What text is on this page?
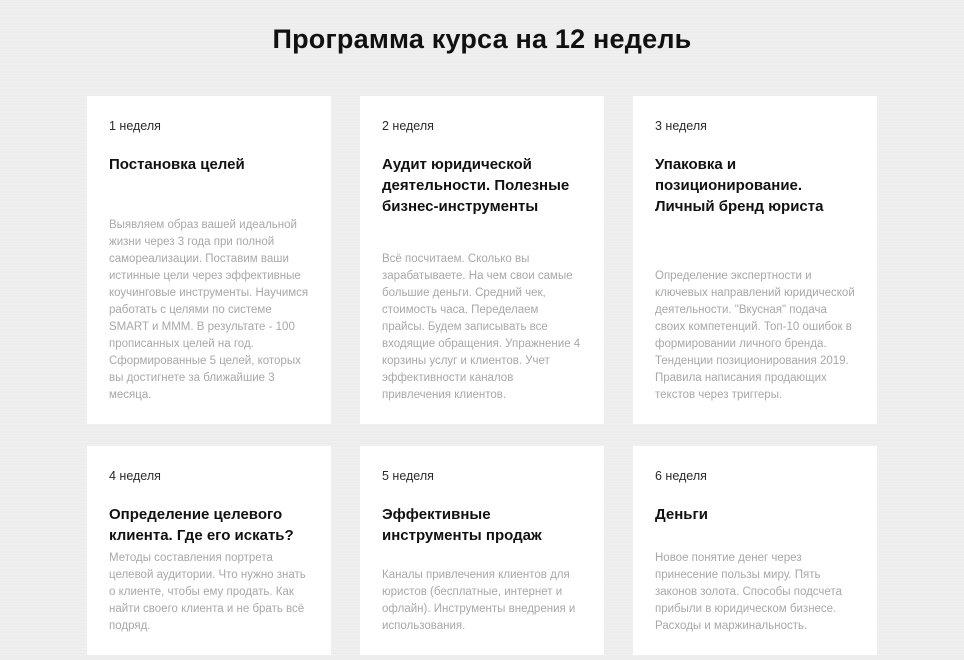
Программа курса на 12 недель
1 неделя
Постановка целей
Выявляем образ вашей идеальной жизни через 3 года при полной самореализации. Поставим ваши истинные цели через эффективные коучинговые инструменты. Научимся работать с целями по системе SMART и MMM. В результате - 100 прописанных целей на год. Сформированные 5 целей, которых вы достигнете за ближайшие 3 месяца.
2 неделя
Аудит юридической деятельности. Полезные бизнес-инструменты
Всё посчитаем. Сколько вы зарабатываете. На чем свои самые большие деньги. Средний чек, стоимость часа. Переделаем прайсы. Будем записывать все входящие обращения. Упражнение 4 корзины услуг и клиентов. Учет эффективности каналов привлечения клиентов.
3 неделя
Упаковка и позиционирование. Личный бренд юриста
Определение экспертности и ключевых направлений юридической деятельности. "Вкусная" подача своих компетенций. Топ-10 ошибок в формировании личного бренда. Тенденции позиционирования 2019. Правила написания продающих текстов через триггеры.
4 неделя
Определение целевого клиента. Где его искать?
Методы составления портрета целевой аудитории. Что нужно знать о клиенте, чтобы ему продать. Как найти своего клиента и не брать всё подряд.
5 неделя
Эффективные инструменты продаж
Каналы привлечения клиентов для юристов (бесплатные, интернет и офлайн). Инструменты внедрения и использования.
6 неделя
Деньги
Новое понятие денег через принесение пользы миру. Пять законов золота. Способы подсчета прибыли в юридическом бизнесе. Расходы и маржинальность.
